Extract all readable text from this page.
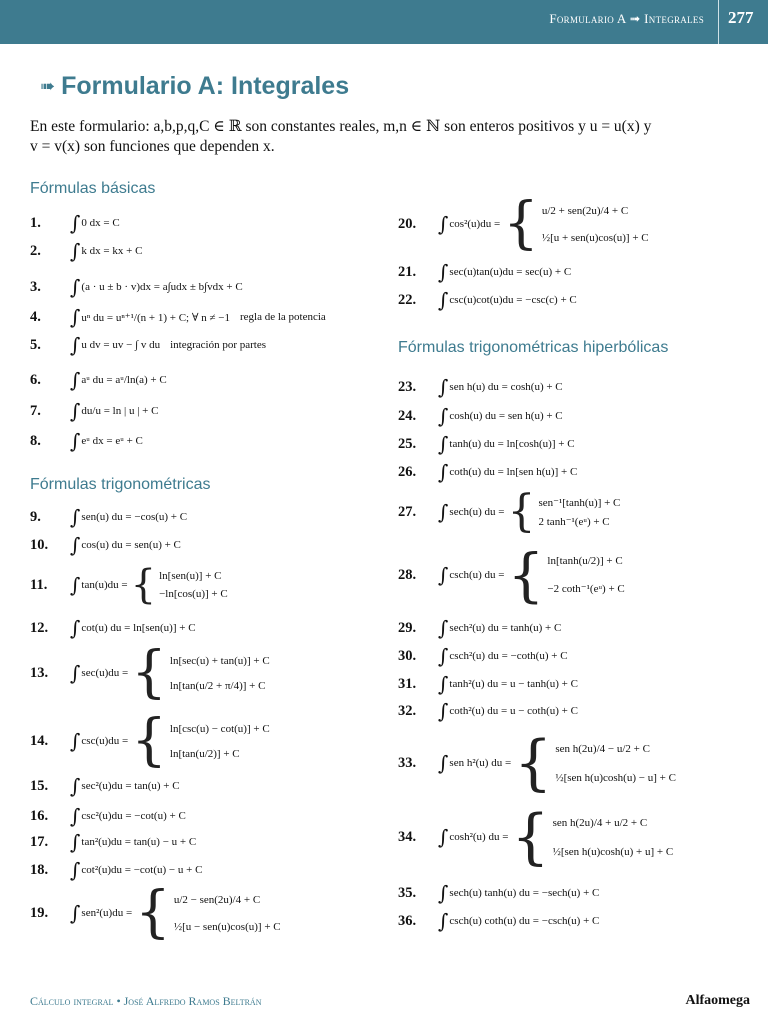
Formulario A ➟ Integrales 277
➠ Formulario A: Integrales
En este formulario: a,b,p,q,C ∈ ℝ son constantes reales, m,n ∈ ℕ son enteros positivos y u = u(x) y
v = v(x) son funciones que dependen x.
Fórmulas básicas
Fórmulas trigonométricas
Fórmulas trigonométricas hiperbólicas
1.	∫ 0 dx = C
2.	∫ k dx = kx + C
3.	∫ (a · u ± b · v)dx = a∫udx ± b∫vdx + C
4.	∫ uⁿ du = uⁿ⁺¹/(n + 1) + C; ∀ n ≠ −1 regla de la potencia
5.	∫ u dv = uv − ∫ v du integración por partes
6.	∫ aᵘ du = aᵘ/ln(a) + C
7.	∫ du/u = ln | u | + C
8.	∫ eᵘ dx = eᵘ + C
9.	∫ sen(u) du = −cos(u) + C
10.	∫ cos(u) du = sen(u) + C
11.	∫ tan(u)du = { ln[sen(u)] + C
−ln[cos(u)] + C
12.	∫ cot(u) du = ln[sen(u)] + C
13.	∫ sec(u)du = { ln[sec(u) + tan(u)] + C
ln[tan(u/2 + π/4)] + C
14.	∫ csc(u)du = { ln[csc(u) − cot(u)] + C
ln[tan(u/2)] + C
15.	∫ sec²(u)du = tan(u) + C
16.	∫ csc²(u)du = −cot(u) + C
17.	∫ tan²(u)du = tan(u) − u + C
18.	∫ cot²(u)du = −cot(u) − u + C
19.	∫ sen²(u)du = { u/2 − sen(2u)/4 + C
½[u − sen(u)cos(u)] + C
20.	∫ cos²(u)du = { u/2 + sen(2u)/4 + C
½[u + sen(u)cos(u)] + C
21.	∫ sec(u)tan(u)du = sec(u) + C
22.	∫ csc(u)cot(u)du = −csc(c) + C
23.	∫ sen h(u) du = cosh(u) + C
24.	∫ cosh(u) du = sen h(u) + C
25.	∫ tanh(u) du = ln[cosh(u)] + C
26.	∫ coth(u) du = ln[sen h(u)] + C
27.	∫ sech(u) du = { sen⁻¹[tanh(u)] + C
2 tanh⁻¹(eᵘ) + C
28.	∫ csch(u) du = { ln[tanh(u/2)] + C
−2 coth⁻¹(eᵘ) + C
29.	∫ sech²(u) du = tanh(u) + C
30.	∫ csch²(u) du = −coth(u) + C
31.	∫ tanh²(u) du = u − tanh(u) + C
32.	∫ coth²(u) du = u − coth(u) + C
33.	∫ sen h²(u) du = { sen h(2u)/4 − u/2 + C
½[sen h(u)cosh(u) − u] + C
34.	∫ cosh²(u) du = { sen h(2u)/4 + u/2 + C
½[sen h(u)cosh(u) + u] + C
35.	∫ sech(u) tanh(u) du = −sech(u) + C
36.	∫ csch(u) coth(u) du = −csch(u) + C
Cálculo integral • José Alfredo Ramos Beltrán	Alfaomega
